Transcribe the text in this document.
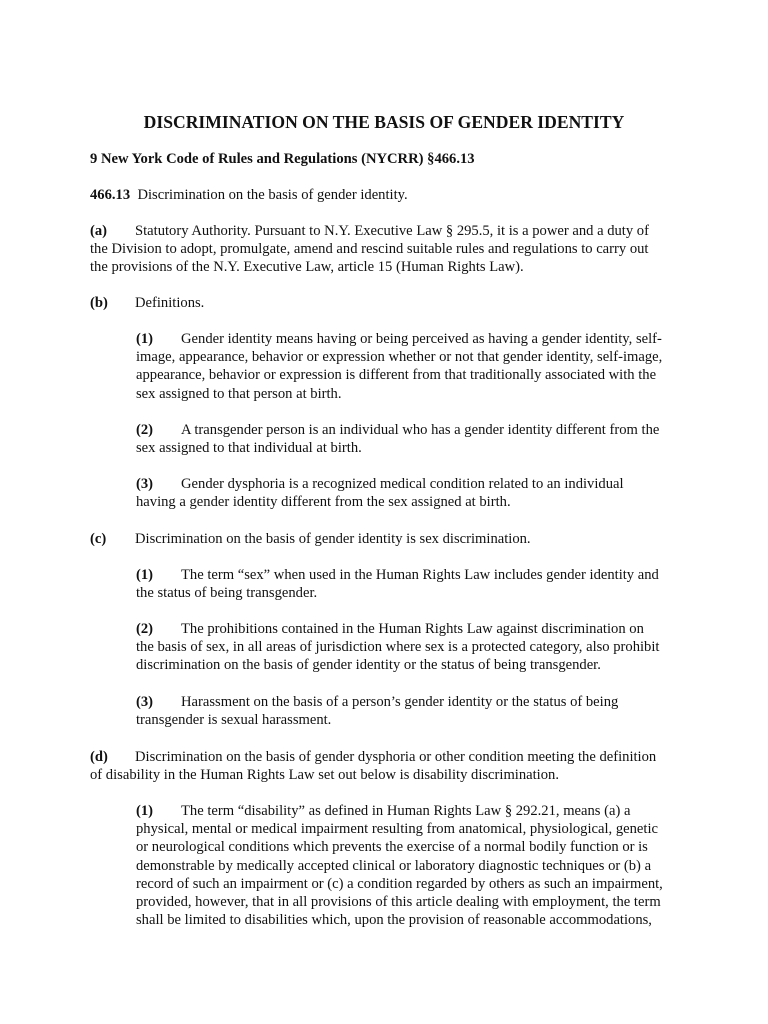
DISCRIMINATION ON THE BASIS OF GENDER IDENTITY
9 New York Code of Rules and Regulations (NYCRR) §466.13
466.13 Discrimination on the basis of gender identity.
(a) Statutory Authority. Pursuant to N.Y. Executive Law § 295.5, it is a power and a duty of
the Division to adopt, promulgate, amend and rescind suitable rules and regulations to carry out
the provisions of the N.Y. Executive Law, article 15 (Human Rights Law).
(b) Definitions.
(1) Gender identity means having or being perceived as having a gender identity, self-
image, appearance, behavior or expression whether or not that gender identity, self-image,
appearance, behavior or expression is different from that traditionally associated with the
sex assigned to that person at birth.
(2) A transgender person is an individual who has a gender identity different from the
sex assigned to that individual at birth.
(3) Gender dysphoria is a recognized medical condition related to an individual
having a gender identity different from the sex assigned at birth.
(c) Discrimination on the basis of gender identity is sex discrimination.
(1) The term “sex” when used in the Human Rights Law includes gender identity and
the status of being transgender.
(2) The prohibitions contained in the Human Rights Law against discrimination on
the basis of sex, in all areas of jurisdiction where sex is a protected category, also prohibit
discrimination on the basis of gender identity or the status of being transgender.
(3) Harassment on the basis of a person’s gender identity or the status of being
transgender is sexual harassment.
(d) Discrimination on the basis of gender dysphoria or other condition meeting the definition
of disability in the Human Rights Law set out below is disability discrimination.
(1) The term “disability” as defined in Human Rights Law § 292.21, means (a) a
physical, mental or medical impairment resulting from anatomical, physiological, genetic
or neurological conditions which prevents the exercise of a normal bodily function or is
demonstrable by medically accepted clinical or laboratory diagnostic techniques or (b) a
record of such an impairment or (c) a condition regarded by others as such an impairment,
provided, however, that in all provisions of this article dealing with employment, the term
shall be limited to disabilities which, upon the provision of reasonable accommodations,
